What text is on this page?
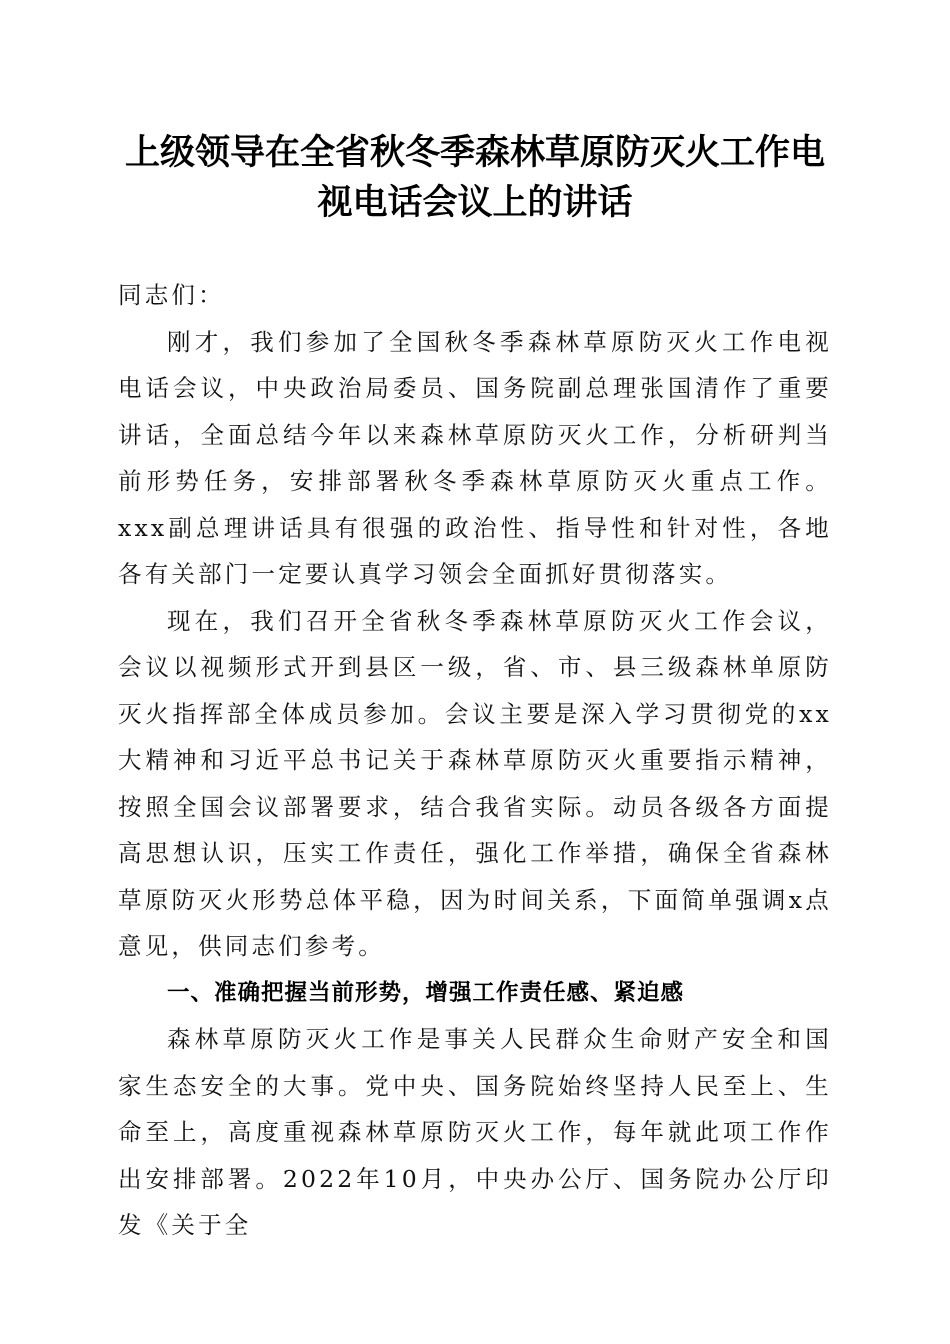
上级领导在全省秋冬季森林草原防灭火工作电
视电话会议上的讲话

同志们：

刚才，我们参加了全国秋冬季森林草原防灭火工作电视电话会议，中央政治局委员、国务院副总理张国清作了重要讲话，全面总结今年以来森林草原防灭火工作，分析研判当前形势任务，安排部署秋冬季森林草原防灭火重点工作。xxx副总理讲话具有很强的政治性、指导性和针对性，各地各有关部门一定要认真学习领会全面抓好贯彻落实。

现在，我们召开全省秋冬季森林草原防灭火工作会议，会议以视频形式开到县区一级，省、市、县三级森林单原防灭火指挥部全体成员参加。会议主要是深入学习贯彻党的xx大精神和习近平总书记关于森林草原防灭火重要指示精神，按照全国会议部署要求，结合我省实际。动员各级各方面提高思想认识，压实工作责任，强化工作举措，确保全省森林草原防灭火形势总体平稳，因为时间关系，下面简单强调x点意见，供同志们参考。

一、准确把握当前形势，增强工作责任感、紧迫感

森林草原防灭火工作是事关人民群众生命财产安全和国家生态安全的大事。党中央、国务院始终坚持人民至上、生命至上，高度重视森林草原防灭火工作，每年就此项工作作出安排部署。2022年10月，中央办公厅、国务院办公厅印发《关于全
